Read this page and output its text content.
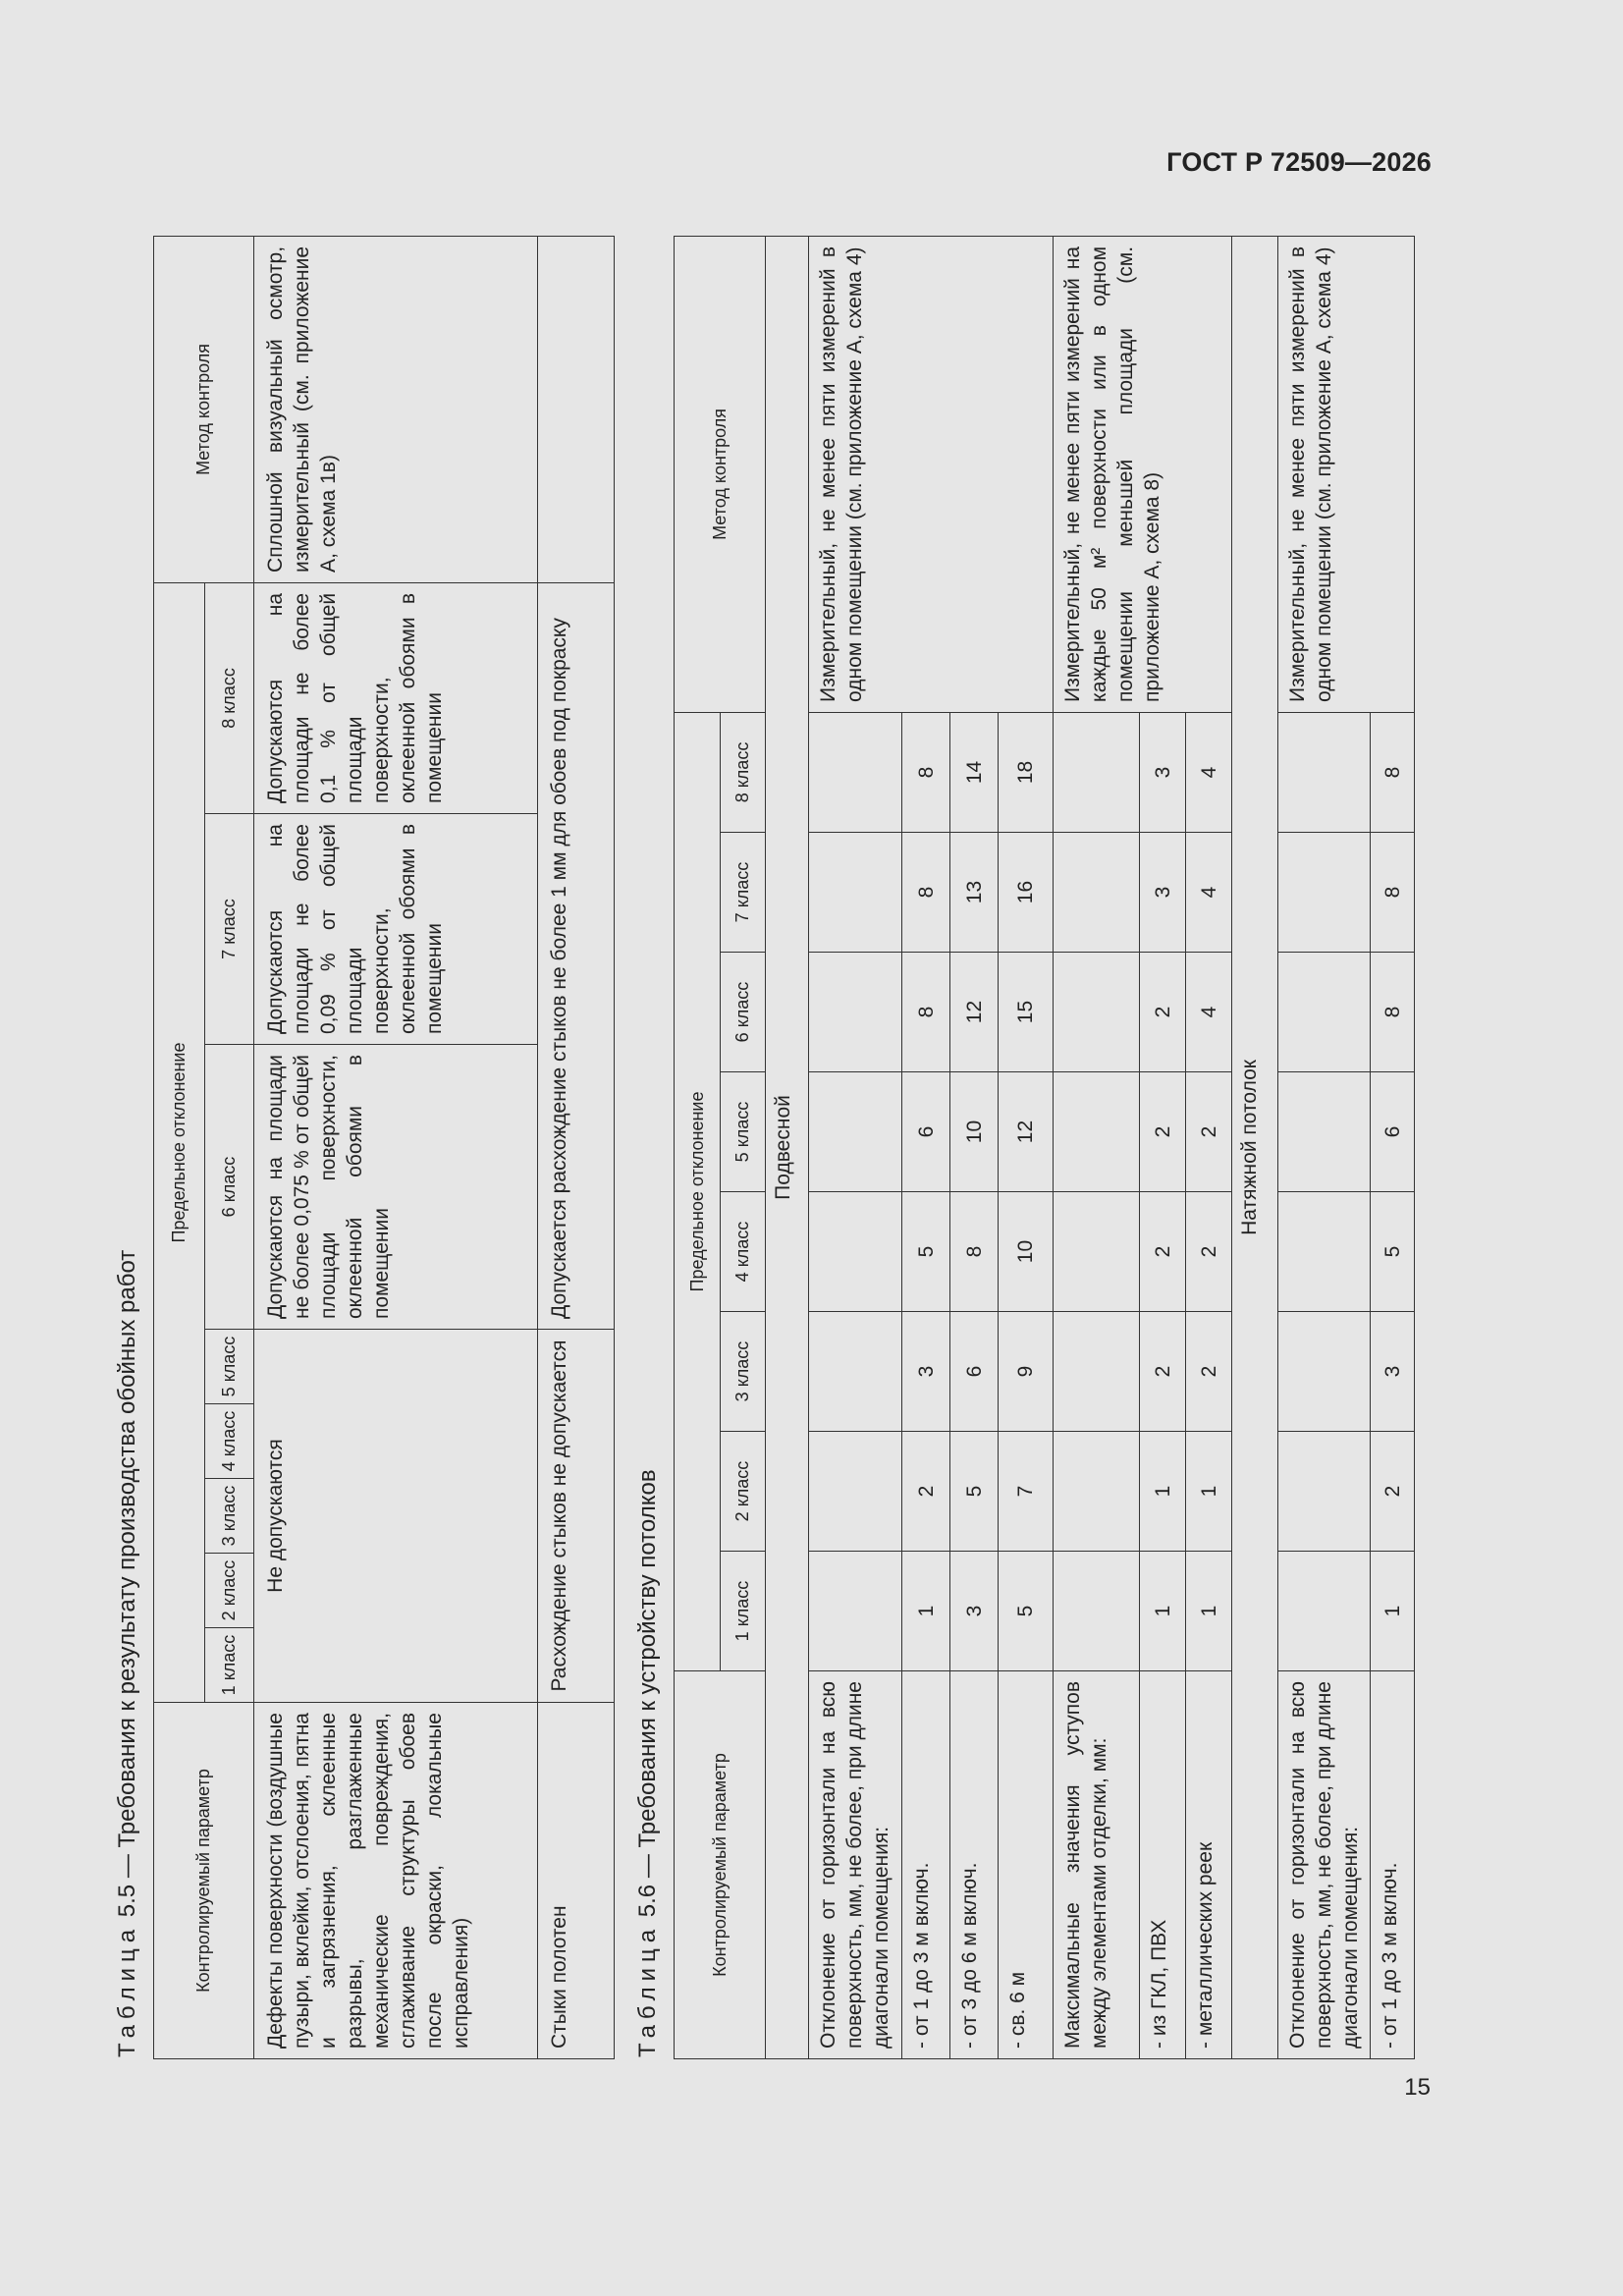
ГОСТ Р 72509—2026
Таблица 5.5 — Требования к результату производства обойных работ
Контролируемый параметр	Предельное отклонение								Метод контроля
	1 класс	2 класс	3 класс	4 класс	5 класс	6 класс	7 класс	8 класс	
Дефекты поверхности (воздушные пузыри, вклейки, отслоения, пятна и загрязнения, склеенные разрывы, разглаженные механические повреждения, сглаживание структуры обоев после окраски, локальные исправления)	Не допускаются					Допускаются на площади не более 0,075 % от общей площади поверхности, оклеенной обоями в помещении	Допускаются на площади не более 0,09 % от общей площади поверхности, оклеенной обоями в помещении	Допускаются на площади не более 0,1 % от общей площади поверхности, оклеенной обоями в помещении	Сплошной визуальный осмотр, измерительный (см. приложение А, схема 1в)
Стыки полотен	Расхождение стыков не допускается					Допускается расхождение стыков не более 1 мм для обоев под покраску			
Таблица 5.6 — Требования к устройству потолков	Контролируемый параметр	Предельное отклонение								Метод контроля
	1 класс	2 класс	3 класс	4 класс	5 класс	6 класс	7 класс	8 класс	
Подвесной									
Отклонение от горизонтали на всю поверхность, мм, не более, при длине диагонали помещения:									Измерительный, не менее пяти измерений в одном помещении (см. приложение А, схема 4)
- от 1 до 3 м включ.	1	2	3	5	6	8	8	8	
- от 3 до 6 м включ.	3	5	6	8	10	12	13	14	
- св. 6 м	5	7	9	10	12	15	16	18	
Максимальные значения уступов между элементами отделки, мм:									Измерительный, не менее пяти измерений на каждые 50 м² поверхности или в одном помещении меньшей площади (см. приложение А, схема 8)
- из ГКЛ, ПВХ	1	1	2	2	2	2	3	3	
- металлических реек	1	1	2	2	2	4	4	4	
Натяжной потолок									
Отклонение от горизонтали на всю поверхность, мм, не более, при длине диагонали помещения:									Измерительный, не менее пяти измерений в одном помещении (см. приложение А, схема 4)
- от 1 до 3 м включ.	1	2	3	5	6	8	8	8	
15
